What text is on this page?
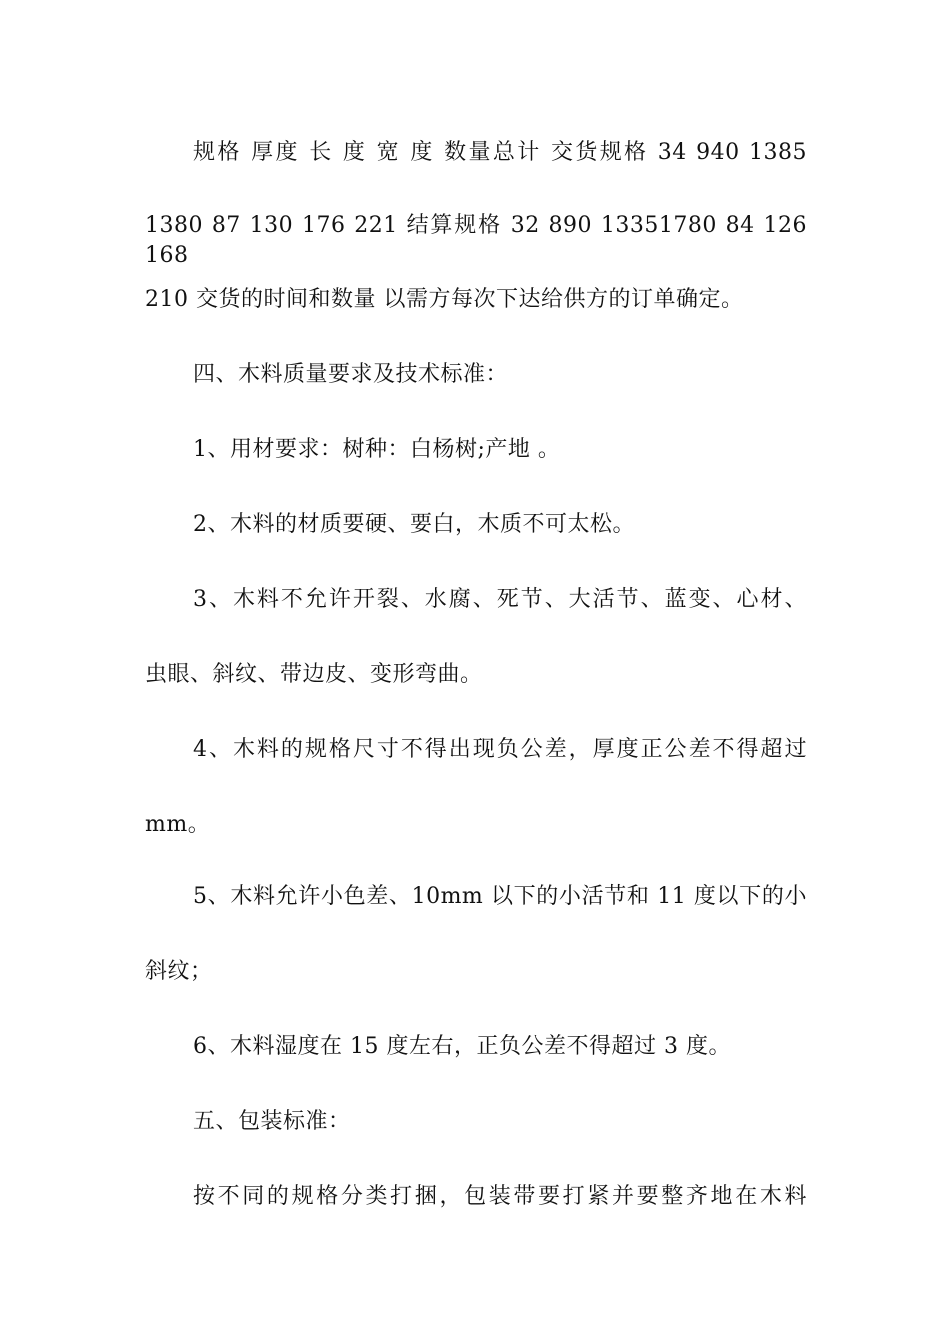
规格 厚度 长 度 宽 度 数量总计 交货规格 34 940 1385
1380 87 130 176 221 结算规格 32 890 13351780 84 126 168
210 交货的时间和数量 以需方每次下达给供方的订单确定。
四、木料质量要求及技术标准：
1、用材要求：树种：白杨树;产地 。
2、木料的材质要硬、要白，木质不可太松。
3、木料不允许开裂、水腐、死节、大活节、蓝变、心材、
虫眼、斜纹、带边皮、变形弯曲。
4、木料的规格尺寸不得出现负公差，厚度正公差不得超过
mm。
5、木料允许小色差、10mm 以下的小活节和 11 度以下的小
斜纹；
6、木料湿度在 15 度左右，正负公差不得超过 3 度。
五、包装标准：
按不同的规格分类打捆，包装带要打紧并要整齐地在木料
